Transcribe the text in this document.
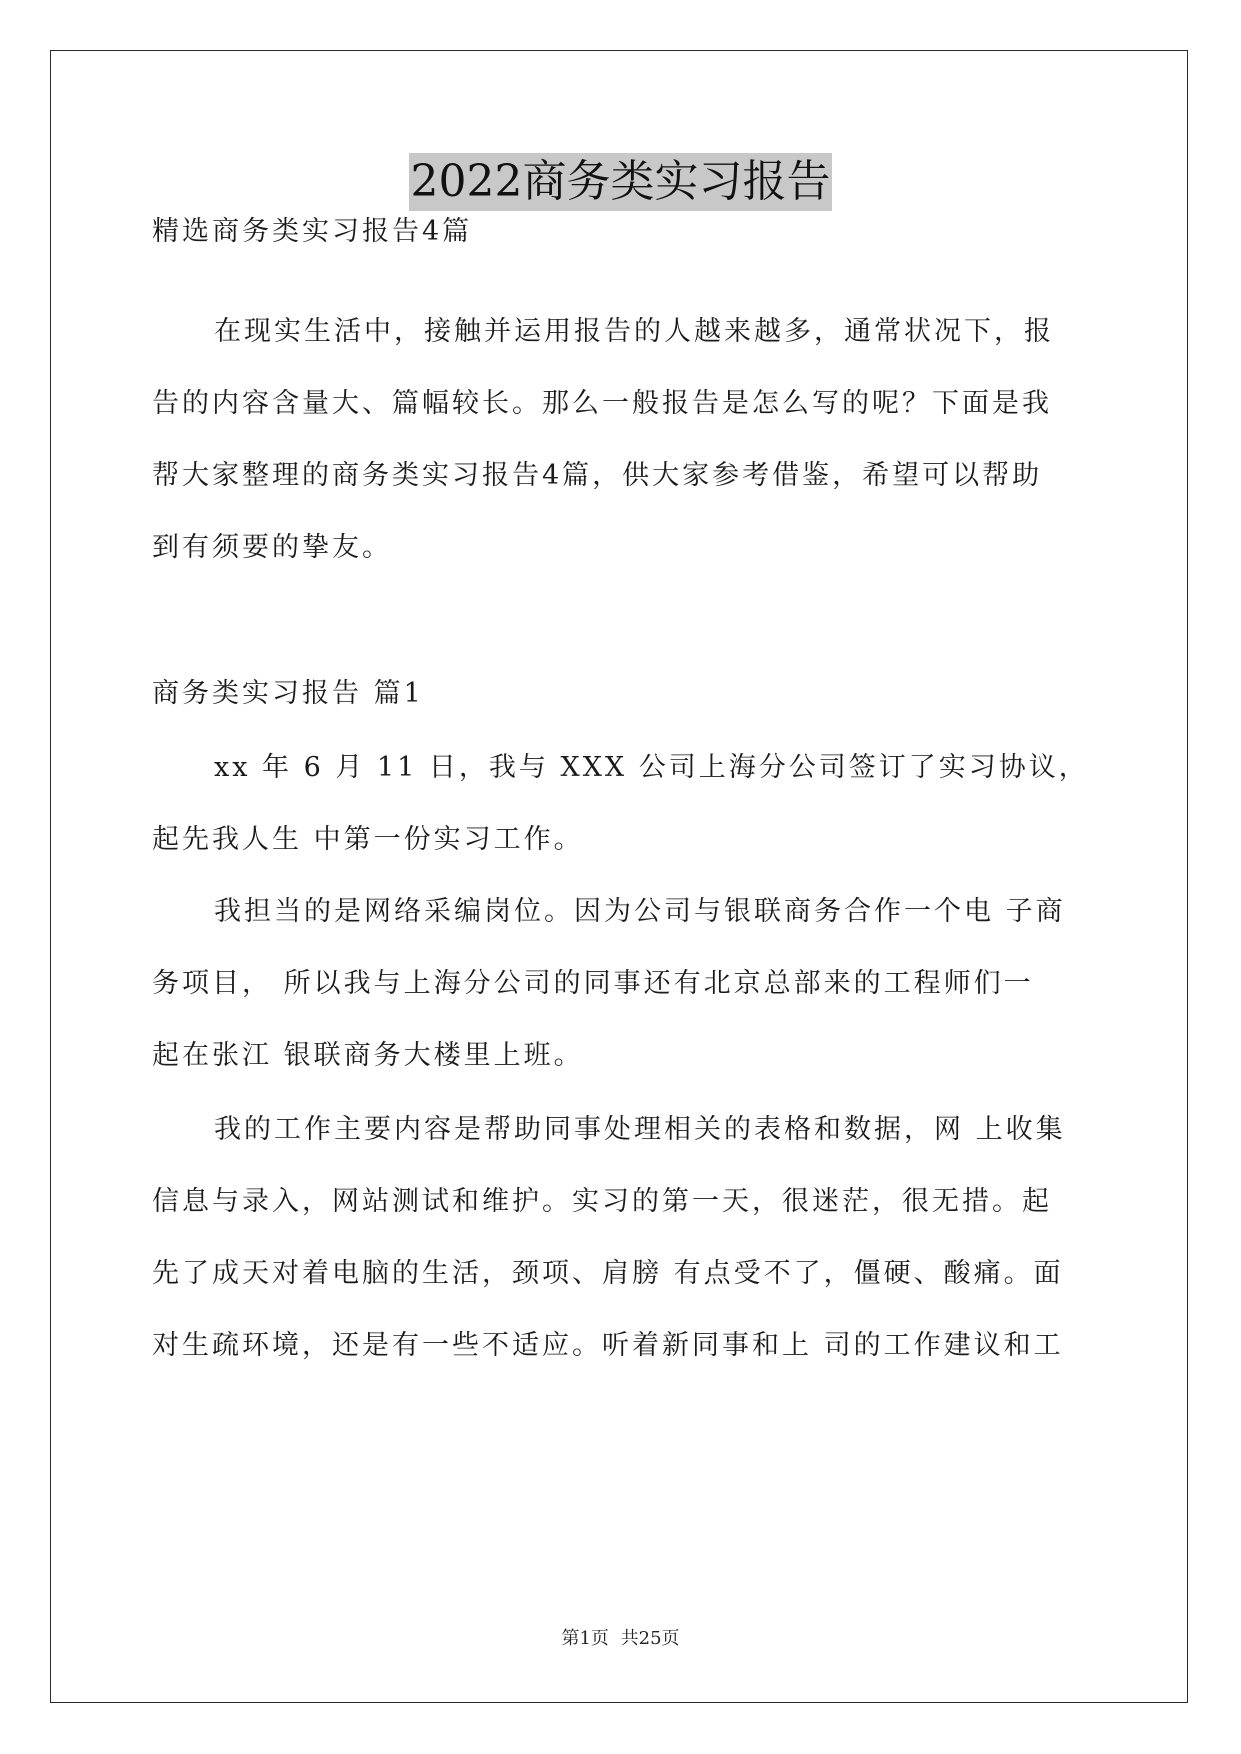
2022商务类实习报告
精选商务类实习报告4篇
在现实生活中，接触并运用报告的人越来越多，通常状况下，报
告的内容含量大、篇幅较长。那么一般报告是怎么写的呢？下面是我
帮大家整理的商务类实习报告4篇，供大家参考借鉴，希望可以帮助
到有须要的挚友。
商务类实习报告 篇1
xx 年 6 月 11 日，我与 XXX 公司上海分公司签订了实习协议，
起先我人生 中第一份实习工作。
我担当的是网络采编岗位。因为公司与银联商务合作一个电 子商
务项目， 所以我与上海分公司的同事还有北京总部来的工程师们一
起在张江 银联商务大楼里上班。
我的工作主要内容是帮助同事处理相关的表格和数据，网 上收集
信息与录入，网站测试和维护。实习的第一天，很迷茫，很无措。起
先了成天对着电脑的生活，颈项、肩膀 有点受不了，僵硬、酸痛。面
对生疏环境，还是有一些不适应。听着新同事和上 司的工作建议和工
第1页 共25页
